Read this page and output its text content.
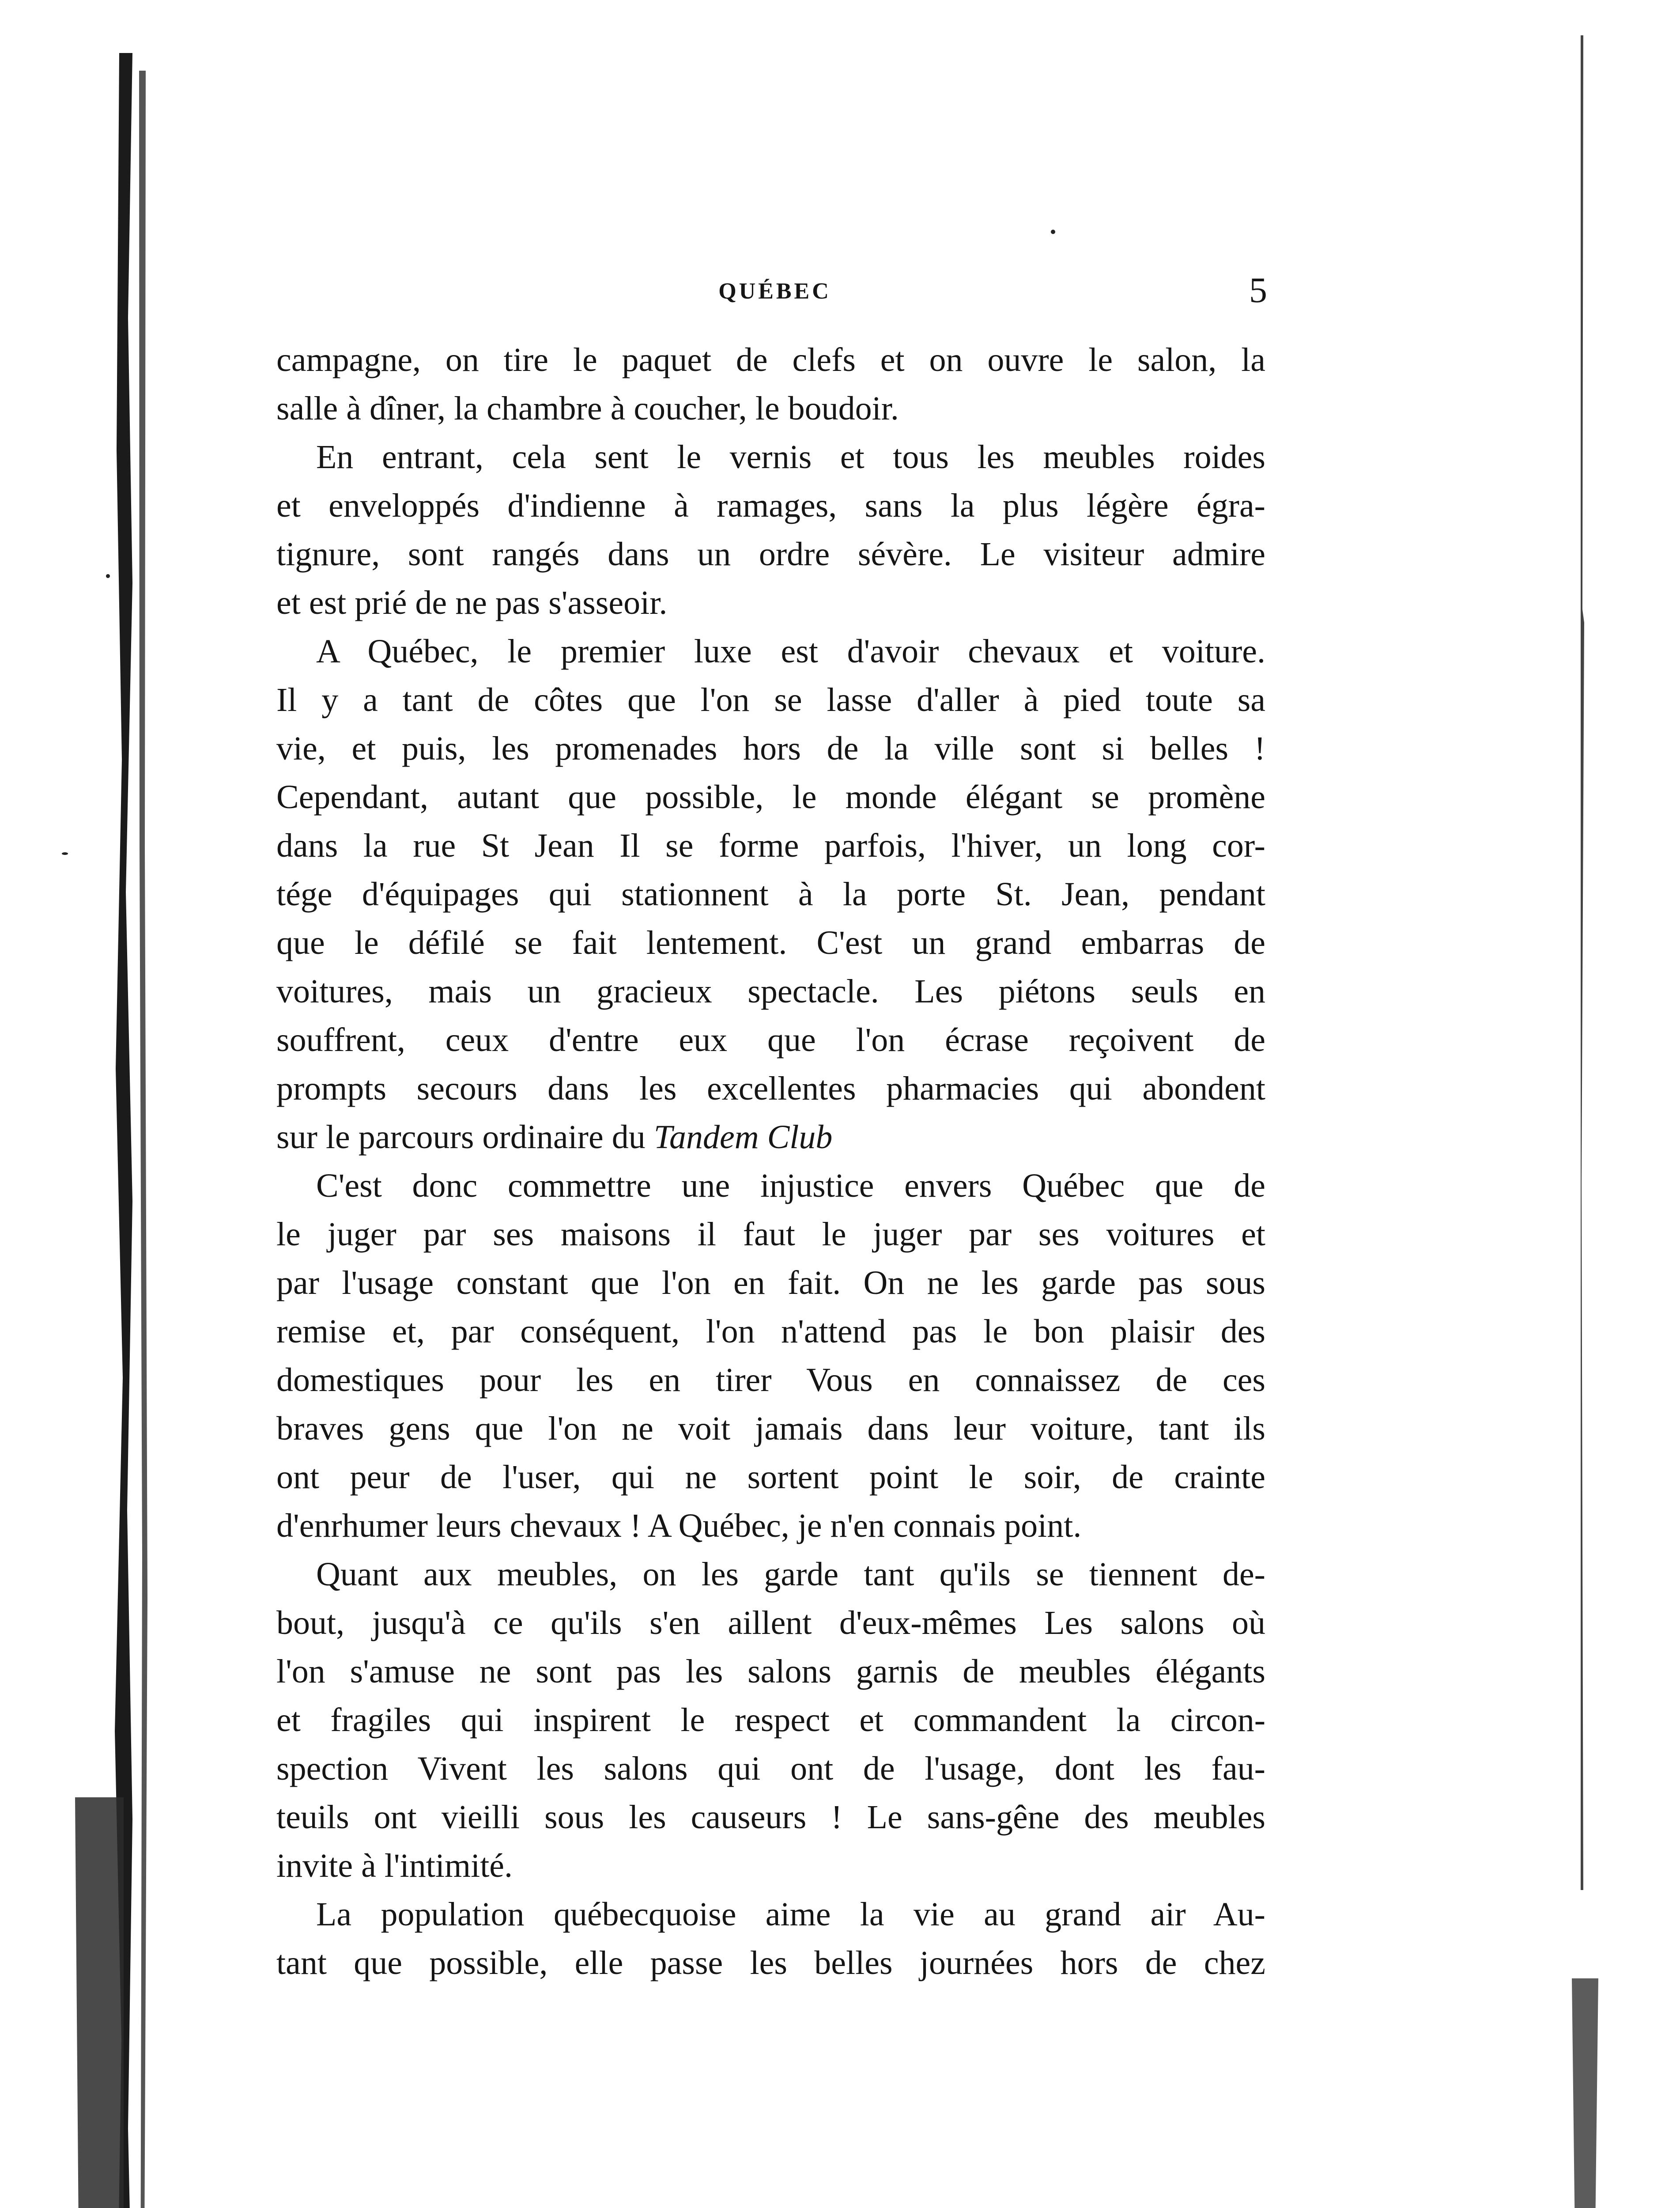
QUÉBEC	5
campagne, on tire le paquet de clefs et on ouvre le salon, la
salle à dîner, la chambre à coucher, le boudoir.
En entrant, cela sent le vernis et tous les meubles roides
et enveloppés d'indienne à ramages, sans la plus légère égra-
tignure, sont rangés dans un ordre sévère. Le visiteur admire
et est prié de ne pas s'asseoir.
A Québec, le premier luxe est d'avoir chevaux et voiture.
Il y a tant de côtes que l'on se lasse d'aller à pied toute sa
vie, et puis, les promenades hors de la ville sont si belles !
Cependant, autant que possible, le monde élégant se promène
dans la rue St Jean Il se forme parfois, l'hiver, un long cor-
tége d'équipages qui stationnent à la porte St. Jean, pendant
que le défilé se fait lentement. C'est un grand embarras de
voitures, mais un gracieux spectacle. Les piétons seuls en
souffrent, ceux d'entre eux que l'on écrase reçoivent de
prompts secours dans les excellentes pharmacies qui abondent
sur le parcours ordinaire du Tandem Club
C'est donc commettre une injustice envers Québec que de
le juger par ses maisons il faut le juger par ses voitures et
par l'usage constant que l'on en fait. On ne les garde pas sous
remise et, par conséquent, l'on n'attend pas le bon plaisir des
domestiques pour les en tirer Vous en connaissez de ces
braves gens que l'on ne voit jamais dans leur voiture, tant ils
ont peur de l'user, qui ne sortent point le soir, de crainte
d'enrhumer leurs chevaux ! A Québec, je n'en connais point.
Quant aux meubles, on les garde tant qu'ils se tiennent de-
bout, jusqu'à ce qu'ils s'en aillent d'eux-mêmes Les salons où
l'on s'amuse ne sont pas les salons garnis de meubles élégants
et fragiles qui inspirent le respect et commandent la circon-
spection Vivent les salons qui ont de l'usage, dont les fau-
teuils ont vieilli sous les causeurs ! Le sans-gêne des meubles
invite à l'intimité.
La population québecquoise aime la vie au grand air Au-
tant que possible, elle passe les belles journées hors de chez
